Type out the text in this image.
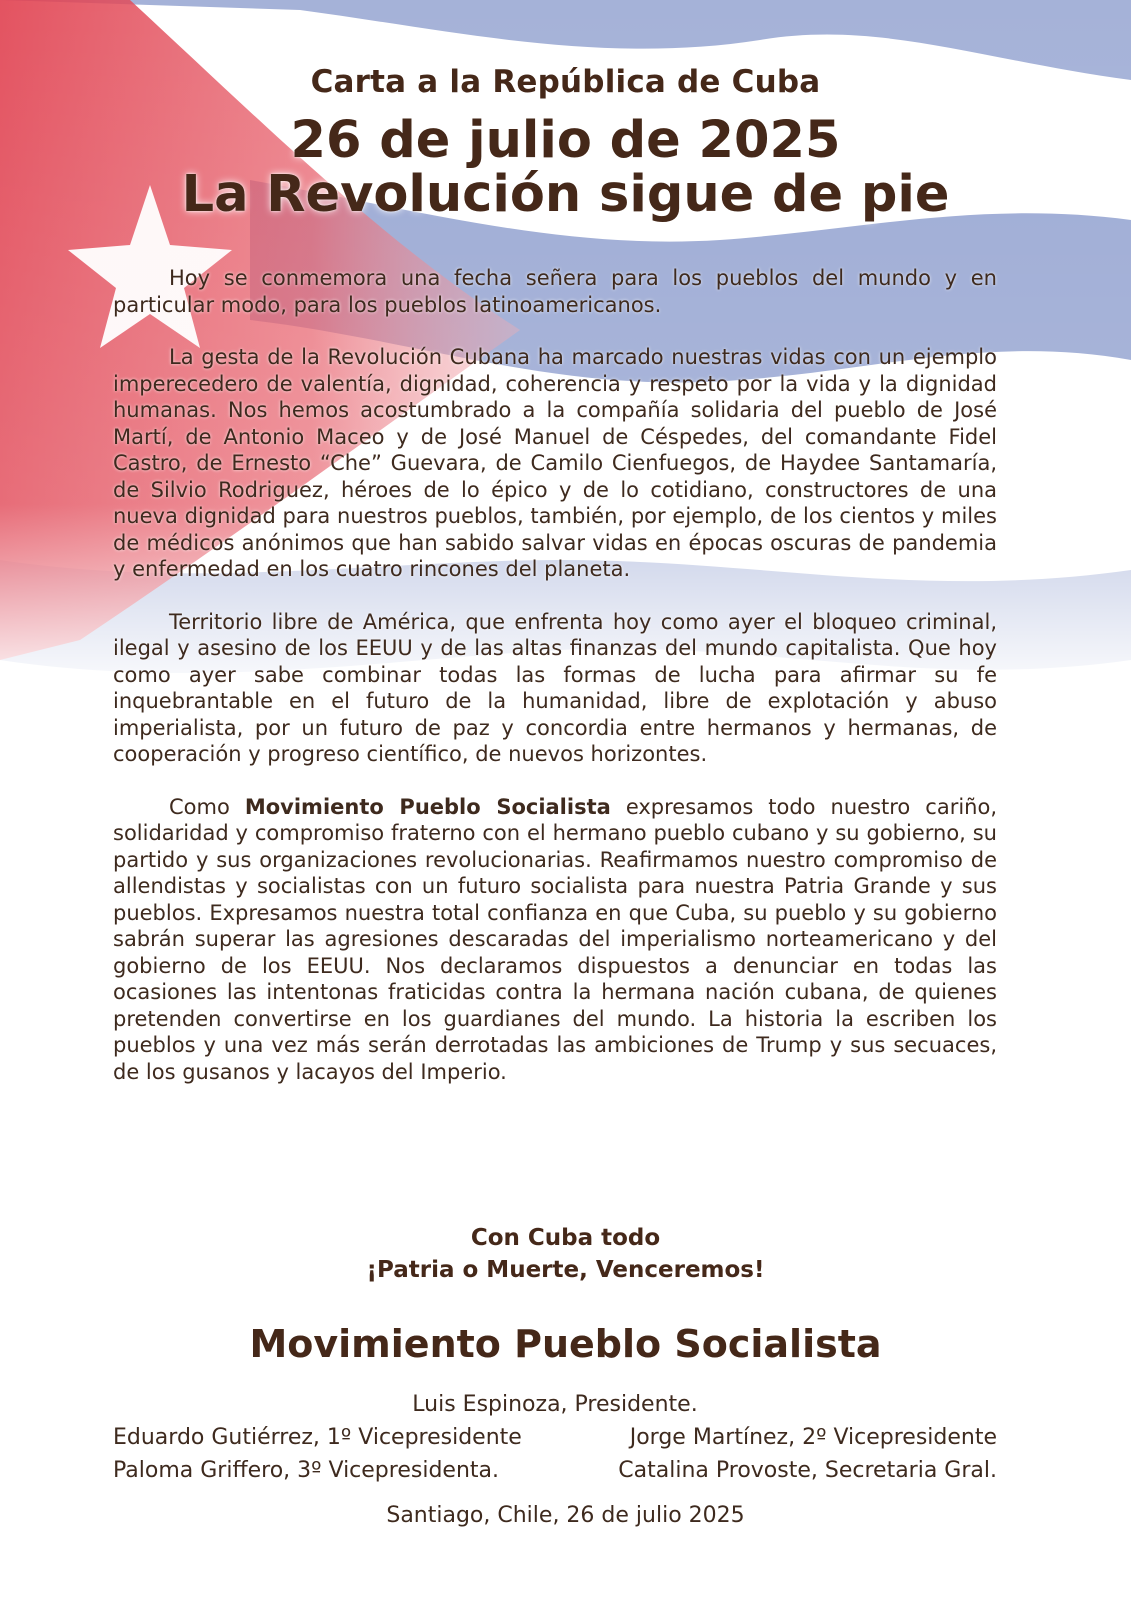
Carta a la República de Cuba
26 de julio de 2025
La Revolución sigue de pie

Hoy se conmemora una fecha señera para los pueblos del mundo y en particular modo, para los pueblos latinoamericanos.

La gesta de la Revolución Cubana ha marcado nuestras vidas con un ejemplo imperecedero de valentía, dignidad, coherencia y respeto por la vida y la dignidad humanas. Nos hemos acostumbrado a la compañía solidaria del pueblo de José Martí, de Antonio Maceo y de José Manuel de Céspedes, del comandante Fidel Castro, de Ernesto “Che” Guevara, de Camilo Cienfuegos, de Haydee Santamaría, de Silvio Rodriguez, héroes de lo épico y de lo cotidiano, constructores de una nueva dignidad para nuestros pueblos, también, por ejemplo, de los cientos y miles de médicos anónimos que han sabido salvar vidas en épocas oscuras de pandemia y enfermedad en los cuatro rincones del planeta.

Territorio libre de América, que enfrenta hoy como ayer el bloqueo criminal, ilegal y asesino de los EEUU y de las altas finanzas del mundo capitalista. Que hoy como ayer sabe combinar todas las formas de lucha para afirmar su fe inquebrantable en el futuro de la humanidad, libre de explotación y abuso imperialista, por un futuro de paz y concordia entre hermanos y hermanas, de cooperación y progreso científico, de nuevos horizontes.

Como Movimiento Pueblo Socialista expresamos todo nuestro cariño, solidaridad y compromiso fraterno con el hermano pueblo cubano y su gobierno, su partido y sus organizaciones revolucionarias. Reafirmamos nuestro compromiso de allendistas y socialistas con un futuro socialista para nuestra Patria Grande y sus pueblos. Expresamos nuestra total confianza en que Cuba, su pueblo y su gobierno sabrán superar las agresiones descaradas del imperialismo norteamericano y del gobierno de los EEUU. Nos declaramos dispuestos a denunciar en todas las ocasiones las intentonas fraticidas contra la hermana nación cubana, de quienes pretenden convertirse en los guardianes del mundo. La historia la escriben los pueblos y una vez más serán derrotadas las ambiciones de Trump y sus secuaces, de los gusanos y lacayos del Imperio.

Con Cuba todo
¡Patria o Muerte, Venceremos!
Movimiento Pueblo Socialista
Luis Espinoza, Presidente.
Eduardo Gutiérrez, 1º Vicepresidente	Jorge Martínez, 2º Vicepresidente
Paloma Griffero, 3º Vicepresidenta.	Catalina Provoste, Secretaria Gral.
Santiago, Chile, 26 de julio 2025
